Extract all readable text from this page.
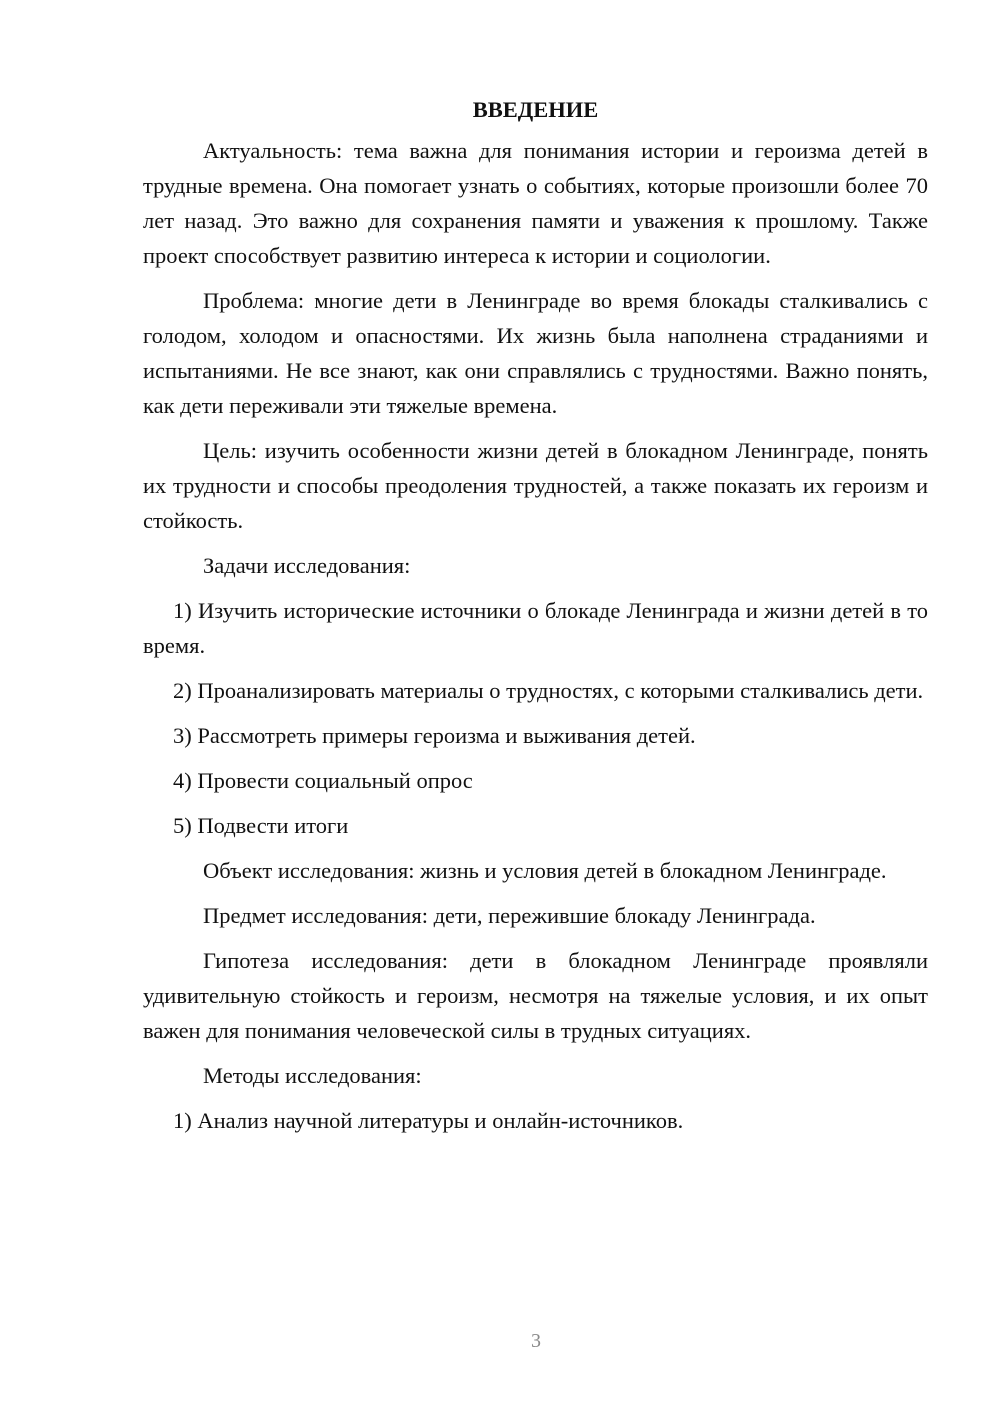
ВВЕДЕНИЕ

Актуальность: тема важна для понимания истории и героизма детей в трудные времена. Она помогает узнать о событиях, которые произошли более 70 лет назад. Это важно для сохранения памяти и уважения к прошлому. Также проект способствует развитию интереса к истории и социологии.

Проблема: многие дети в Ленинграде во время блокады сталкивались с голодом, холодом и опасностями. Их жизнь была наполнена страданиями и испытаниями. Не все знают, как они справлялись с трудностями. Важно понять, как дети переживали эти тяжелые времена.

Цель: изучить особенности жизни детей в блокадном Ленинграде, понять их трудности и способы преодоления трудностей, а также показать их героизм и стойкость.

Задачи исследования:

1) Изучить исторические источники о блокаде Ленинграда и жизни детей в то время.

2) Проанализировать материалы о трудностях, с которыми сталкивались дети.

3) Рассмотреть примеры героизма и выживания детей.

4) Провести социальный опрос

5) Подвести итоги

Объект исследования: жизнь и условия детей в блокадном Ленинграде.

Предмет исследования: дети, пережившие блокаду Ленинграда.

Гипотеза исследования: дети в блокадном Ленинграде проявляли удивительную стойкость и героизм, несмотря на тяжелые условия, и их опыт важен для понимания человеческой силы в трудных ситуациях.

Методы исследования:

1) Анализ научной литературы и онлайн-источников.

3
